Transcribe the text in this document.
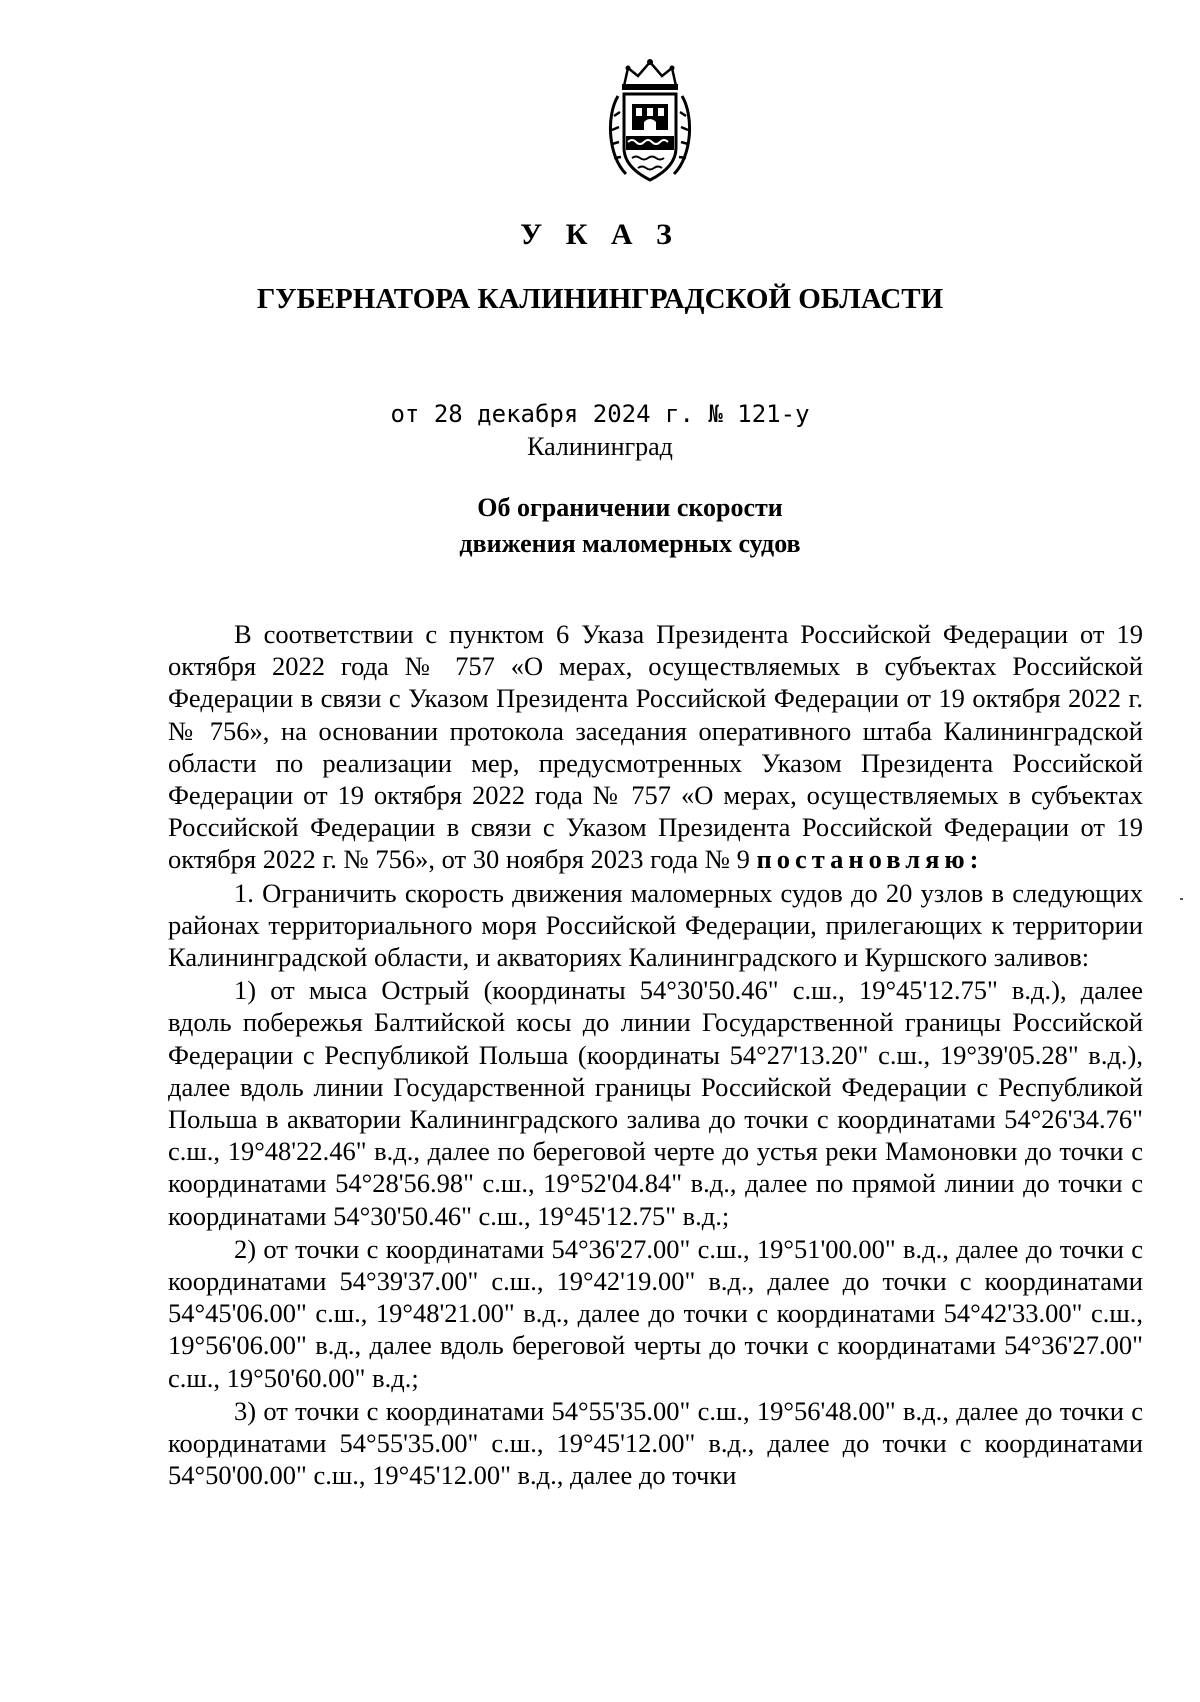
У К А З
ГУБЕРНАТОРА КАЛИНИНГРАДСКОЙ ОБЛАСТИ
от 28 декабря 2024 г. № 121-у
Калининград
Об ограничении скорости
движения маломерных судов

В соответствии с пунктом 6 Указа Президента Российской Федерации от 19 октября 2022 года № 757 «О мерах, осуществляемых в субъектах Российской Федерации в связи с Указом Президента Российской Федерации от 19 октября 2022 г. № 756», на основании протокола заседания оперативного штаба Калининградской области по реализации мер, предусмотренных Указом Президента Российской Федерации от 19 октября 2022 года № 757 «О мерах, осуществляемых в субъектах Российской Федерации в связи с Указом Президента Российской Федерации от 19 октября 2022 г. № 756», от 30 ноября 2023 года № 9 постановляю:

1. Ограничить скорость движения маломерных судов до 20 узлов в следующих районах территориального моря Российской Федерации, прилегающих к территории Калининградской области, и акваториях Калининградского и Куршского заливов:

1) от мыса Острый (координаты 54°30'50.46" с.ш., 19°45'12.75" в.д.), далее вдоль побережья Балтийской косы до линии Государственной границы Российской Федерации с Республикой Польша (координаты 54°27'13.20" с.ш., 19°39'05.28" в.д.), далее вдоль линии Государственной границы Российской Федерации с Республикой Польша в акватории Калининградского залива до точки с координатами 54°26'34.76" с.ш., 19°48'22.46" в.д., далее по береговой черте до устья реки Мамоновки до точки с координатами 54°28'56.98" с.ш., 19°52'04.84" в.д., далее по прямой линии до точки с координатами 54°30'50.46" с.ш., 19°45'12.75" в.д.;

2) от точки с координатами 54°36'27.00" с.ш., 19°51'00.00" в.д., далее до точки с координатами 54°39'37.00" с.ш., 19°42'19.00" в.д., далее до точки с координатами 54°45'06.00" с.ш., 19°48'21.00" в.д., далее до точки с координатами 54°42'33.00" с.ш., 19°56'06.00" в.д., далее вдоль береговой черты до точки с координатами 54°36'27.00" с.ш., 19°50'60.00" в.д.;

3) от точки с координатами 54°55'35.00" с.ш., 19°56'48.00" в.д., далее до точки с координатами 54°55'35.00" с.ш., 19°45'12.00" в.д., далее до точки с координатами 54°50'00.00" с.ш., 19°45'12.00" в.д., далее до точки
